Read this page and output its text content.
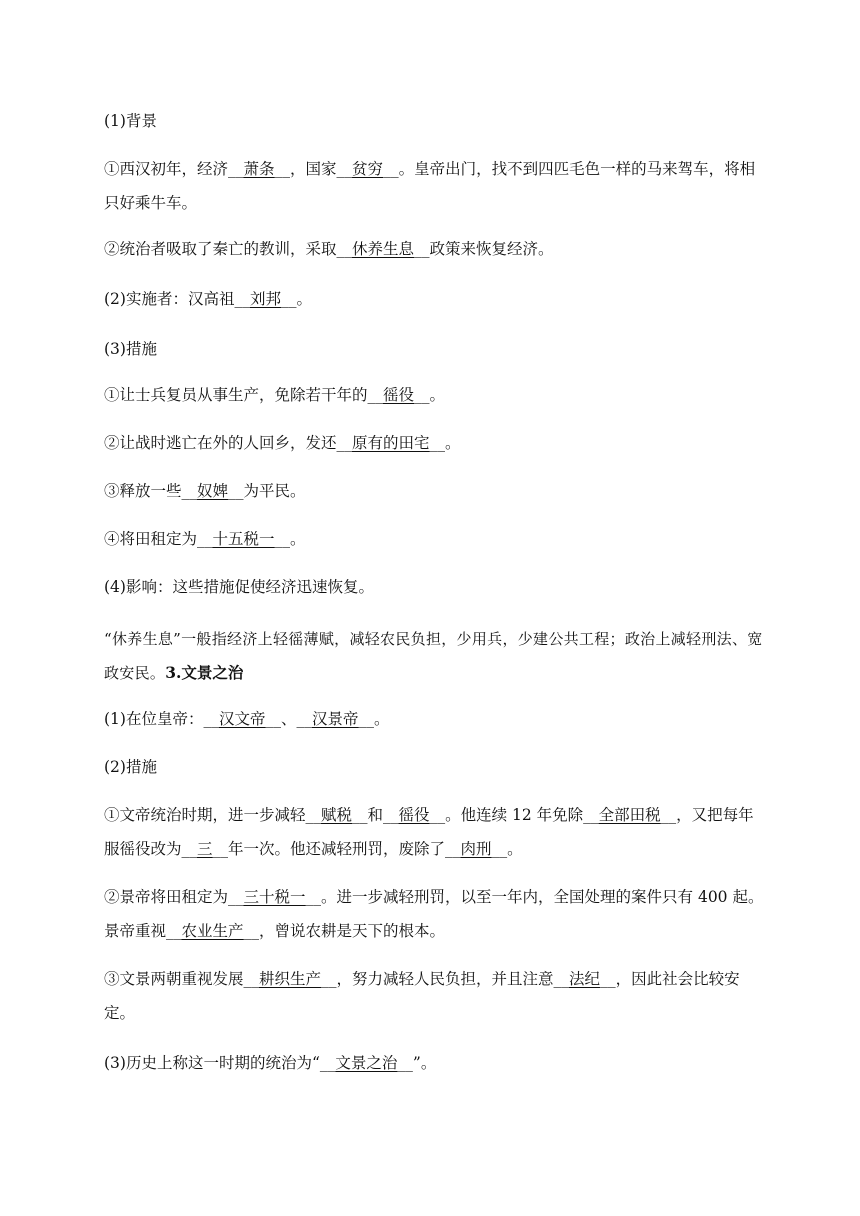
(1)背景
①西汉初年，经济__萧条__，国家__贫穷__。皇帝出门，找不到四匹毛色一样的马来驾车，将相只好乘牛车。
②统治者吸取了秦亡的教训，采取__休养生息__政策来恢复经济。
(2)实施者：汉高祖__刘邦__。
(3)措施
①让士兵复员从事生产，免除若干年的__徭役__。
②让战时逃亡在外的人回乡，发还__原有的田宅__。
③释放一些__奴婢__为平民。
④将田租定为__十五税一__。
(4)影响：这些措施促使经济迅速恢复。
“休养生息”一般指经济上轻徭薄赋，减轻农民负担，少用兵，少建公共工程；政治上减轻刑法、宽政安民。3.文景之治
(1)在位皇帝：__汉文帝__、__汉景帝__。
(2)措施
①文帝统治时期，进一步减轻__赋税__和__徭役__。他连续 12 年免除__全部田税__，又把每年服徭役改为__三__年一次。他还减轻刑罚，废除了__肉刑__。
②景帝将田租定为__三十税一__。进一步减轻刑罚，以至一年内，全国处理的案件只有 400 起。景帝重视__农业生产__，曾说农耕是天下的根本。
③文景两朝重视发展__耕织生产__，努力减轻人民负担，并且注意__法纪__，因此社会比较安定。
(3)历史上称这一时期的统治为“__文景之治__”。
